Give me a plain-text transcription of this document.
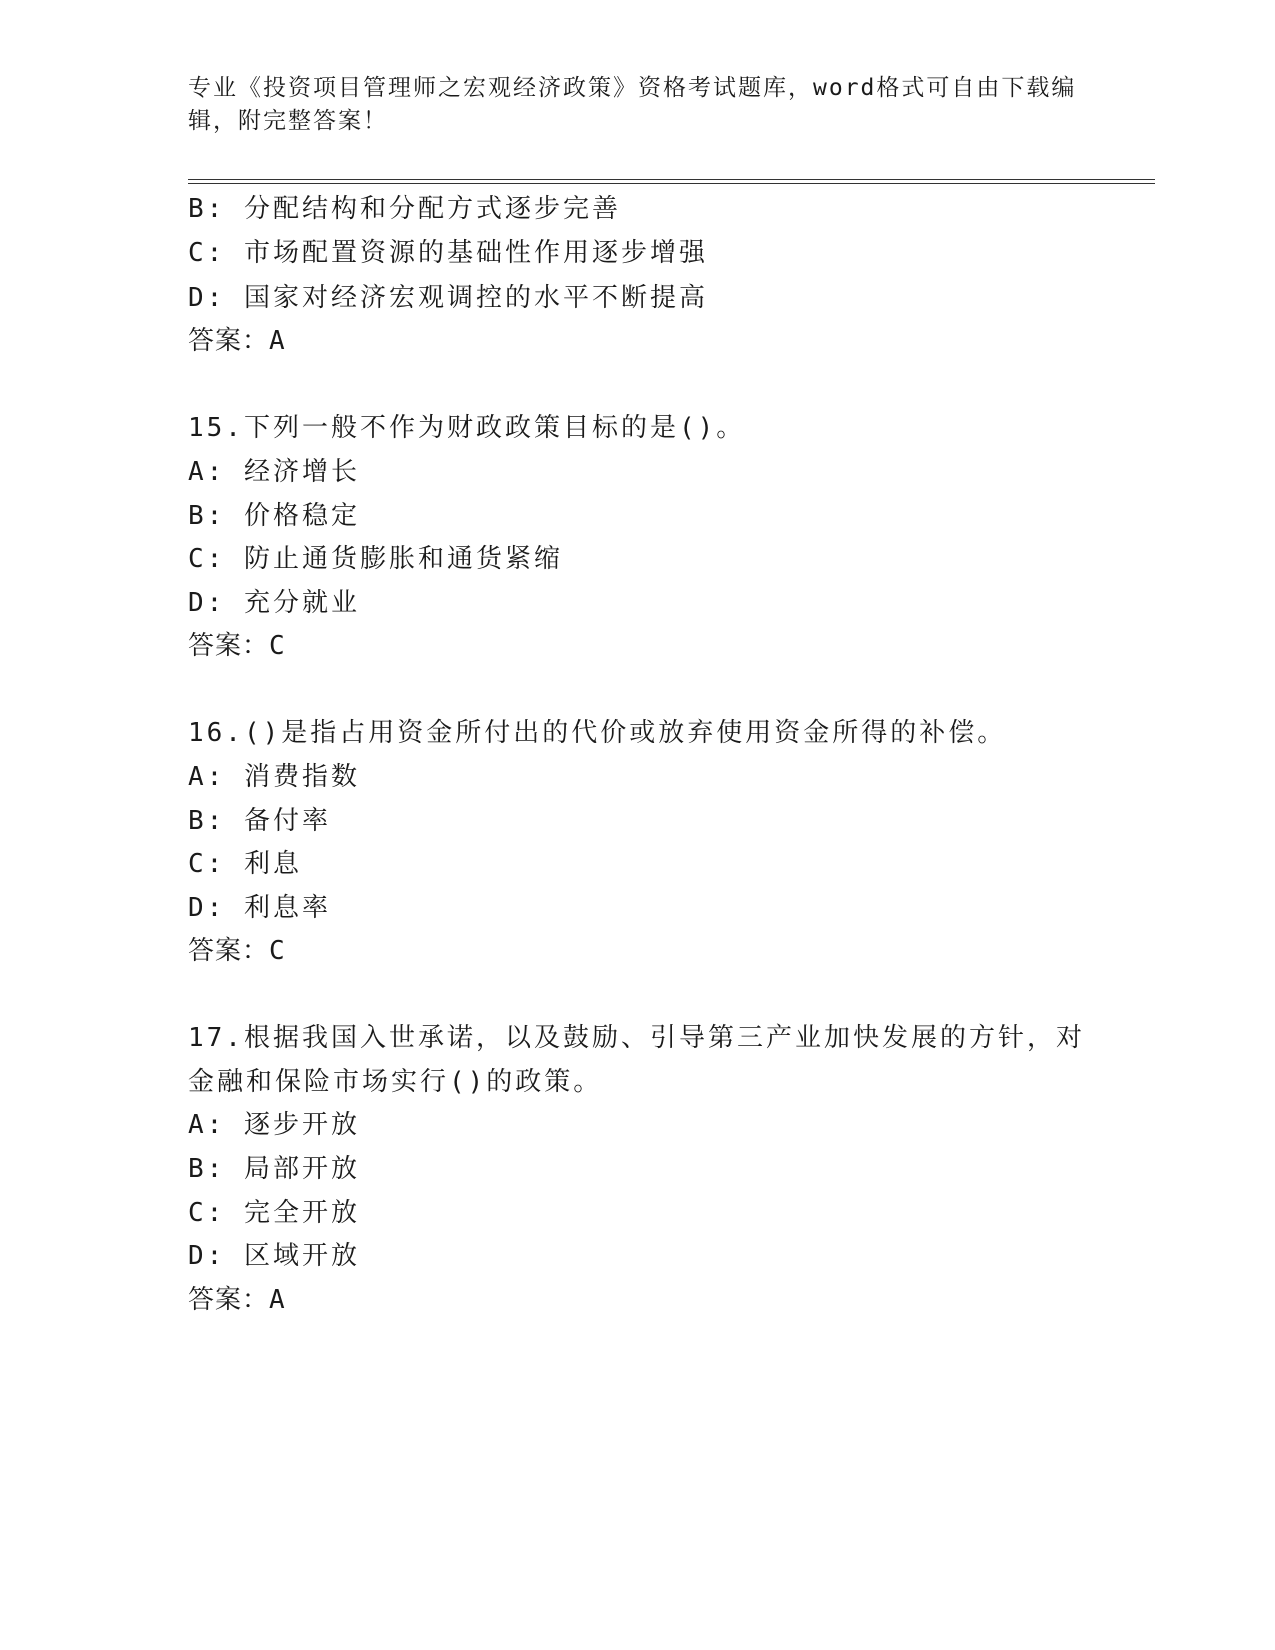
专业《投资项目管理师之宏观经济政策》资格考试题库，word格式可自由下载编
辑，附完整答案！
B: 分配结构和分配方式逐步完善
C: 市场配置资源的基础性作用逐步增强
D: 国家对经济宏观调控的水平不断提高
答案：A
15.下列一般不作为财政政策目标的是()。
A: 经济增长
B: 价格稳定
C: 防止通货膨胀和通货紧缩
D: 充分就业
答案：C
16.()是指占用资金所付出的代价或放弃使用资金所得的补偿。
A: 消费指数
B: 备付率
C: 利息
D: 利息率
答案：C
17.根据我国入世承诺，以及鼓励、引导第三产业加快发展的方针，对
金融和保险市场实行()的政策。
A: 逐步开放
B: 局部开放
C: 完全开放
D: 区域开放
答案：A
